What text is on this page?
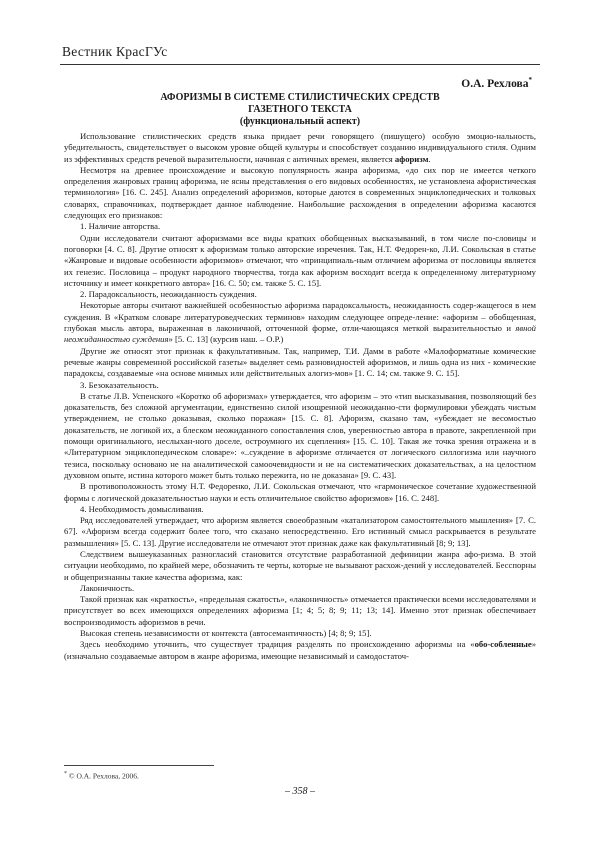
Вестник КрасГУс
О.А. Рехлова*
АФОРИЗМЫ В СИСТЕМЕ СТИЛИСТИЧЕСКИХ СРЕДСТВ
ГАЗЕТНОГО ТЕКСТА
(функциональный аспект)

Использование стилистических средств языка придает речи говорящего (пишущего) особую эмоцио-нальность, убедительность, свидетельствует о высоком уровне общей культуры и способствует созданию индивидуального стиля. Одним из эффективных средств речевой выразительности, начиная с античных времен, является афоризм.

Несмотря на древнее происхождение и высокую популярность жанра афоризма, «до сих пор не имеется четкого определения жанровых границ афоризма, не ясны представления о его видовых особенностях, не установлена афористическая терминология» [16. С. 245]. Анализ определений афоризмов, которые даются в современных энциклопедических и толковых словарях, справочниках, подтверждает данное наблюдение. Наибольшие расхождения в определении афоризма касаются следующих его признаков:

1. Наличие авторства.

Одни исследователи считают афоризмами все виды кратких обобщенных высказываний, в том числе по-словицы и поговорки [4. С. 8]. Другие относят к афоризмам только авторские изречения. Так, Н.Т. Федорен-ко, Л.И. Сокольская в статье «Жанровые и видовые особенности афоризмов» отмечают, что «принципиаль-ным отличием афоризма от пословицы является их генезис. Пословица – продукт народного творчества, тогда как афоризм восходит всегда к определенному литературному источнику и имеет конкретного автора» [16. С. 50; см. также 5. С. 15].

2. Парадоксальность, неожиданность суждения.

Некоторые авторы считают важнейшей особенностью афоризма парадоксальность, неожиданность содер-жащегося в нем суждения. В «Кратком словаре литературоведческих терминов» находим следующее опреде-ление: «афоризм – обобщенная, глубокая мысль автора, выраженная в лаконичной, отточенной форме, отли-чающаяся меткой выразительностью и явной неожиданностью суждения» [5. С. 13] (курсив наш. – О.Р.)

Другие же относят этот признак к факультативным. Так, например, Т.И. Дамм в работе «Малоформатные комические речевые жанры современной российской газеты» выделяет семь разновидностей афоризмов, и лишь одна из них - комические парадоксы, создаваемые «на основе мнимых или действительных алогиз-мов» [1. С. 14; см. также 9. С. 15].

3. Безоказательность.

В статье Л.В. Успенского «Коротко об афоризмах» утверждается, что афоризм – это «тип высказывания, позволяющий без доказательств, без сложной аргументации, единственно силой изощренной неожиданно-сти формулировки убеждать чистым утверждением, не столько доказывая, сколько поражая» [15. С. 8]. Афоризм, сказано там, «убеждает не весомостью доказательств, не логикой их, а блеском неожиданного сопоставления слов, уверенностью автора в правоте, закрепленной при помощи оригинального, неслыхан-ного доселе, остроумного их сцепления» [15. С. 10]. Такая же точка зрения отражена и в «Литературном энциклопедическом словаре»: «..суждение в афоризме отличается от логического силлогизма или научного тезиса, поскольку основано не на аналитической самоочевидности и не на систематических доказательствах, а на целостном духовном опыте, истина которого может быть только пережита, но не доказана» [9. С. 43].

В противоположность этому Н.Т. Федоренко, Л.И. Сокольская отмечают, что «гармоническое сочетание художественной формы с логической доказательностью науки и есть отличительное свойство афоризмов» [16. С. 248].

4. Необходимость домысливания.

Ряд исследователей утверждает, что афоризм является своеобразным «катализатором самостоятельного мышления» [7. С. 67]. «Афоризм всегда содержит более того, что сказано непосредственно. Его истинный смысл раскрывается в результате размышления» [5. С. 13]. Другие исследователи не отмечают этот признак даже как факультативный [8; 9; 13].

Следствием вышеуказанных разногласий становится отсутствие разработанной дефиниции жанра афо-ризма. В этой ситуации необходимо, по крайней мере, обозначить те черты, которые не вызывают расхож-дений у исследователей. Бесспорны и общепризнанны такие качества афоризма, как:

Лаконичность.

Такой признак как «краткость», «предельная сжатость», «лаконичность» отмечается практически всеми исследователями и присутствует во всех имеющихся определениях афоризма [1; 4; 5; 8; 9; 11; 13; 14]. Именно этот признак обеспечивает воспроизводимость афоризмов в речи.

Высокая степень независимости от контекста (автосемантичность) [4; 8; 9; 15].

Здесь необходимо уточнить, что существует традиция разделять по происхождению афоризмы на «обо-собленные» (изначально создаваемые автором в жанре афоризма, имеющие независимый и самодостаточ-

* © О.А. Рехлова, 2006.
– 358 –
